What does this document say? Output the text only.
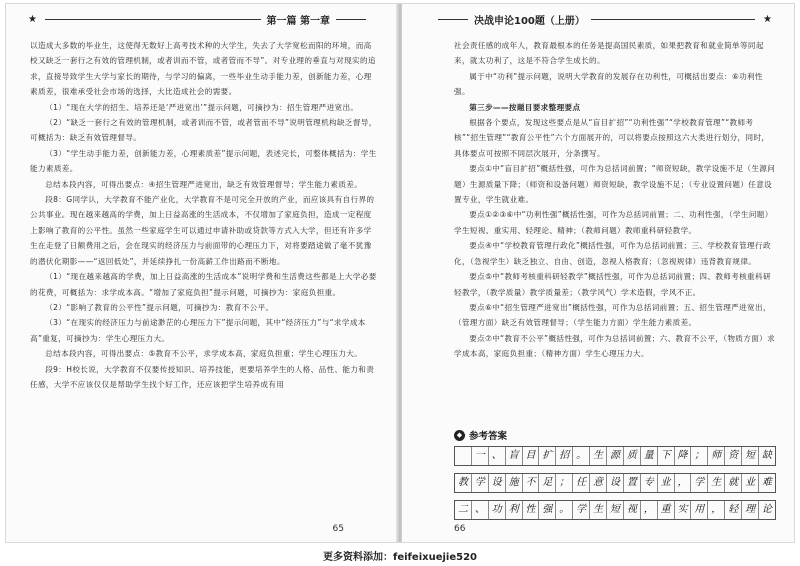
★	第一篇 第一章

以造成大多数的毕业生，这使得无数好上高考技术种的大学生，失去了大学宽松而阳的环境，而高校又缺乏一套行之有效的管理机制，或者训而不管，或者管而不导”。对专业理的垂直与对现实的追求，直接导致学生大学与家长的期待，与学习的偏离，一些毕业生动手能力差，创新能力差，心理素质差，很难承受社会市场的选择，大比造成社会的需要。

（1）“现在大学的招生、培养还是‘严进宽出’”提示问题，可摘抄为：招生管理严进宽出。

（2）“缺乏一套行之有效的管理机制，或者训而不管，或者管而不导”说明管理机构缺乏督导，可概括为：缺乏有效管理督导。

（3）“学生动手能力差，创新能力差，心理素质差”提示问题，表述完长，可整体概括为：学生能力素质差。

总结本段内容，可得出要点：④招生管理严进宽出，缺乏有效管理督导；学生能力素质差。

段8：G同学认，大学教育不能产业化，大学教育不是可完全开放的产业，而应该具有自行界的公共事业。现在越来越高的学费，加上日益高涨的生活成本，不仅增加了家庭负担，造成一定程度上影响了教育的公平性。虽然一些家庭学生可以通过申请补助或贷款等方式入大学，但还有许多学生在走登了日额费用之后，会在现实的经济压力与前面带的心理压力下，对将要踏途做了毫不犹豫的潜伏化期影——“返回低处”，并延续挣扎一份高薪工作出路而不断地。

（1）“现在越来越高的学费，加上日益高涨的生活成本”说明学费和生活费这些都是上大学必要的花费，可概括为：求学成本高。“增加了家庭负担”提示问题，可摘抄为：家庭负担重。

（2）“影响了教育的公平性”提示问题，可摘抄为：教育不公平。

（3）“在现实的经济压力与前途渺茫的心理压力下”提示问题，其中“经济压力”与“求学成本高”重复，可摘抄为：学生心理压力大。

总结本段内容，可得出要点：⑤教育不公平，求学成本高，家庭负担重；学生心理压力大。

段9：H校长说，大学教育不仅要传授知识、培养技能，更要培养学生的人格、品性、能力和责任感，大学不应该仅仅是帮助学生找个好工作，还应该把学生培养成有用

65
决战申论100题（上册）	★

社会责任感的成年人，教育最根本的任务是提高国民素质，如果把教育和就业简单等同起来，就太功利了，这是不符合学生成长的。

属于中“功利”提示问题，说明大学教育的发展存在功利性，可概括出要点：⑥功利性强。

第三步——按题目要求整理要点

根据各个要点，发现这些要点是从“盲目扩招”“功利性强”“学校教育管理”“教师考核”“招生管理”“教育公平性”六个方面展开的，可以将要点按照这六大类进行划分，同时，具体要点可按照不同层次展开，分条撰写。

要点①中“盲目扩招”概括性强，可作为总括词前置；“师资短缺，教学设施不足（生源问题）生源质量下降；（师资和设备问题）师资短缺，教学设施不足；（专业设置问题）任意设置专业，学生就业难。

要点①②③⑥中“功利性强”概括性强，可作为总括词前置；二、功利性强，（学生问题）学生短视、重实用、轻理论、精神；（教师问题）教师重科研轻教学。

要点④中“学校教育管理行政化”概括性强，可作为总括词前置；三、学校教育管理行政化，（急视学生）缺乏独立、自由、创造，忽视人格教育；（忽视规律）违背教育规律。

要点⑤中“教师考核重科研轻教学”概括性强，可作为总括词前置；四、教师考核重科研轻教学，（教学质量）教学质量差；（教学风气）学术造假，学风不正。

要点⑥中“招生管理严进宽出”概括性强，可作为总括词前置；五、招生管理严进宽出，（管理方面）缺乏有效管理督导；（学生能力方面）学生能力素质差。

要点⑦中“教育不公平”概括性强，可作为总括词前置；六、教育不公平，（物质方面）求学成本高，家庭负担重；（精神方面）学生心理压力大。

◆ 参考答案
一 、 盲 目 扩 招 。 生 源 质 量 下 降 ； 师 资 短 缺
教 学 设 施 不 足 ； 任 意 设 置 专 业 ， 学 生 就 业 难
二 、 功 利 性 强 。 学 生 短 视 ， 重 实 用 ， 轻 理 论
66
更多资料添加：feifeixuejie520
